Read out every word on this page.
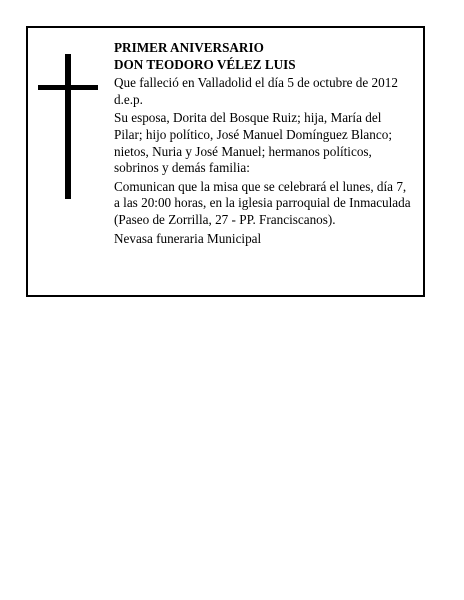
PRIMER ANIVERSARIO
DON TEODORO VÉLEZ LUIS
Que falleció en Valladolid el día 5 de octubre de 2012
d.e.p.
Su esposa, Dorita del Bosque Ruiz; hija, María del
Pilar; hijo político, José Manuel Domínguez Blanco;
nietos, Nuria y José Manuel; hermanos políticos,
sobrinos y demás familia:
Comunican que la misa que se celebrará el lunes, día 7,
a las 20:00 horas, en la iglesia parroquial de Inmaculada
(Paseo de Zorrilla, 27 - PP. Franciscanos).
Nevasa funeraria Municipal
